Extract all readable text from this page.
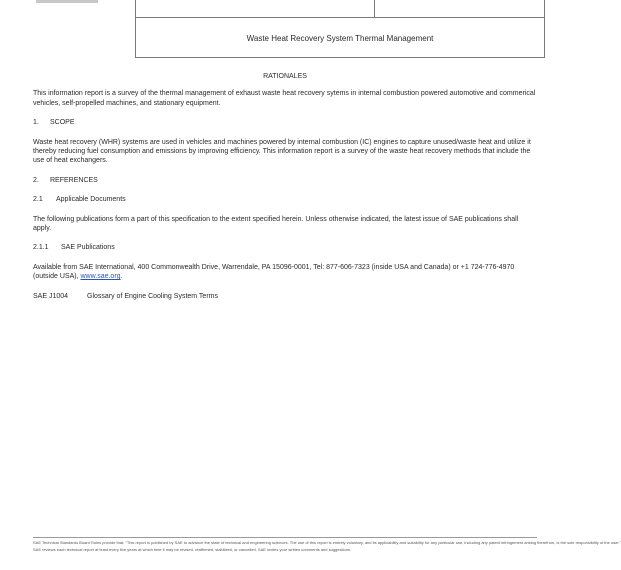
Waste Heat Recovery System Thermal Management

RATIONALES

This information report is a survey of the thermal management of exhaust waste heat recovery sytems in internal combustion powered automotive and commerical vehicles, self-propelled machines, and stationary equipment.

1. SCOPE

Waste heat recovery (WHR) systems are used in vehicles and machines powered by internal combustion (IC) engines to capture unused/waste heat and utilize it thereby reducing fuel consumption and emissions by improving efficiency. This information report is a survey of the waste heat recovery methods that include the use of heat exchangers.

2. REFERENCES

2.1 Applicable Documents

The following publications form a part of this specification to the extent specified herein. Unless otherwise indicated, the latest issue of SAE publications shall apply.

2.1.1 SAE Publications

Available from SAE International, 400 Commonwealth Drive, Warrendale, PA 15096-0001, Tel: 877-606-7323 (inside USA and Canada) or +1 724-776-4970 (outside USA), www.sae.org.

SAE J1004	Glossary of Engine Cooling System Terms

SAE Technical Standards Board Rules provide that: "This report is published by SAE to advance the state of technical and engineering sciences. The use of this report is entirely voluntary, and its applicability and suitability for any particular use, including any patent infringement arising therefrom, is the sole responsibility of the user."

SAE reviews each technical report at least every five years at which time it may be revised, reaffirmed, stabilized, or cancelled. SAE invites your written comments and suggestions.
